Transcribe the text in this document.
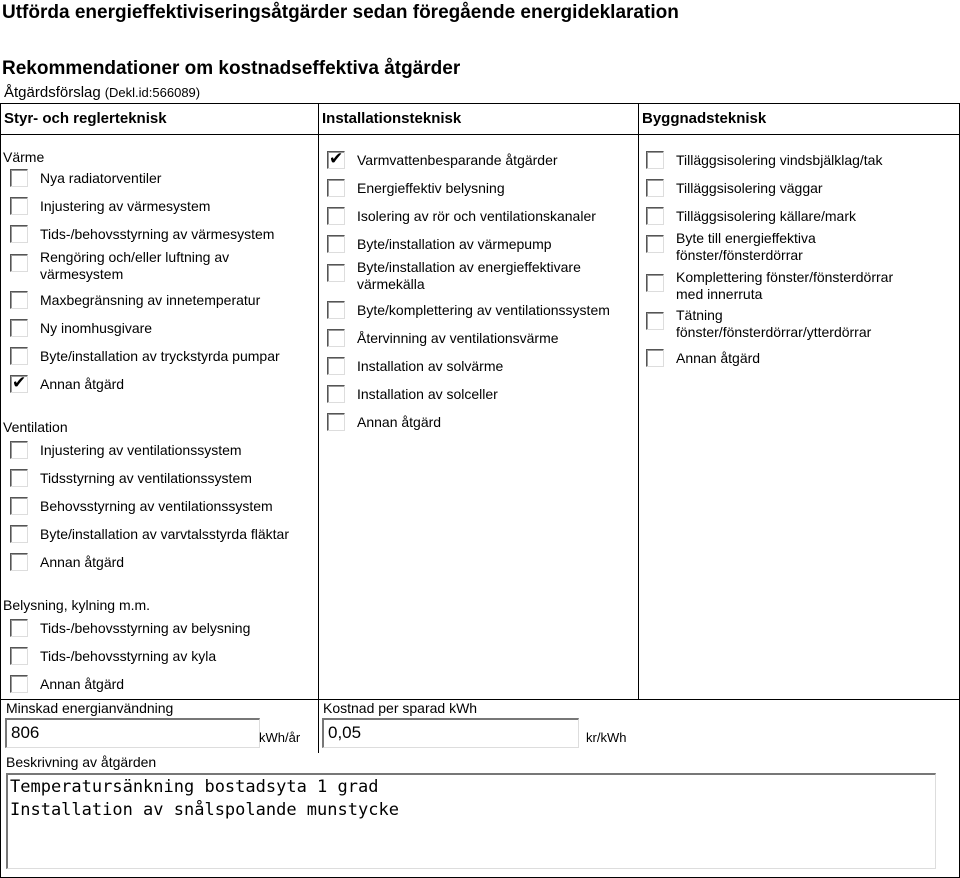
Utförda energieffektiviseringsåtgärder sedan föregående energideklaration
Rekommendationer om kostnadseffektiva åtgärder
Åtgärdsförslag (Dekl.id:566089)
Styr- och reglerteknisk
Värme
Nya radiatorventiler
Injustering av värmesystem
Tids-/behovsstyrning av värmesystem
Rengöring och/eller luftning av
värmesystem
Maxbegränsning av innetemperatur
Ny inomhusgivare
Byte/installation av tryckstyrda pumpar
✔
Annan åtgärd
Ventilation
Injustering av ventilationssystem
Tidsstyrning av ventilationssystem
Behovsstyrning av ventilationssystem
Byte/installation av varvtalsstyrda fläktar
Annan åtgärd
Belysning, kylning m.m.
Tids-/behovsstyrning av belysning
Tids-/behovsstyrning av kyla
Annan åtgärd
Installationsteknisk
✔
Varmvattenbesparande åtgärder
Energieffektiv belysning
Isolering av rör och ventilationskanaler
Byte/installation av värmepump
Byte/installation av energieffektivare
värmekälla
Byte/komplettering av ventilationssystem
Återvinning av ventilationsvärme
Installation av solvärme
Installation av solceller
Annan åtgärd
Byggnadsteknisk
Tilläggsisolering vindsbjälklag/tak
Tilläggsisolering väggar
Tilläggsisolering källare/mark
Byte till energieffektiva
fönster/fönsterdörrar
Komplettering fönster/fönsterdörrar
med innerruta
Tätning
fönster/fönsterdörrar/ytterdörrar
Annan åtgärd
Minskad energianvändning
806	kWh/år
Kostnad per sparad kWh
0,05	kr/kWh
Beskrivning av åtgärden
Temperatursänkning bostadsyta 1 grad
Installation av snålspolande munstycke
